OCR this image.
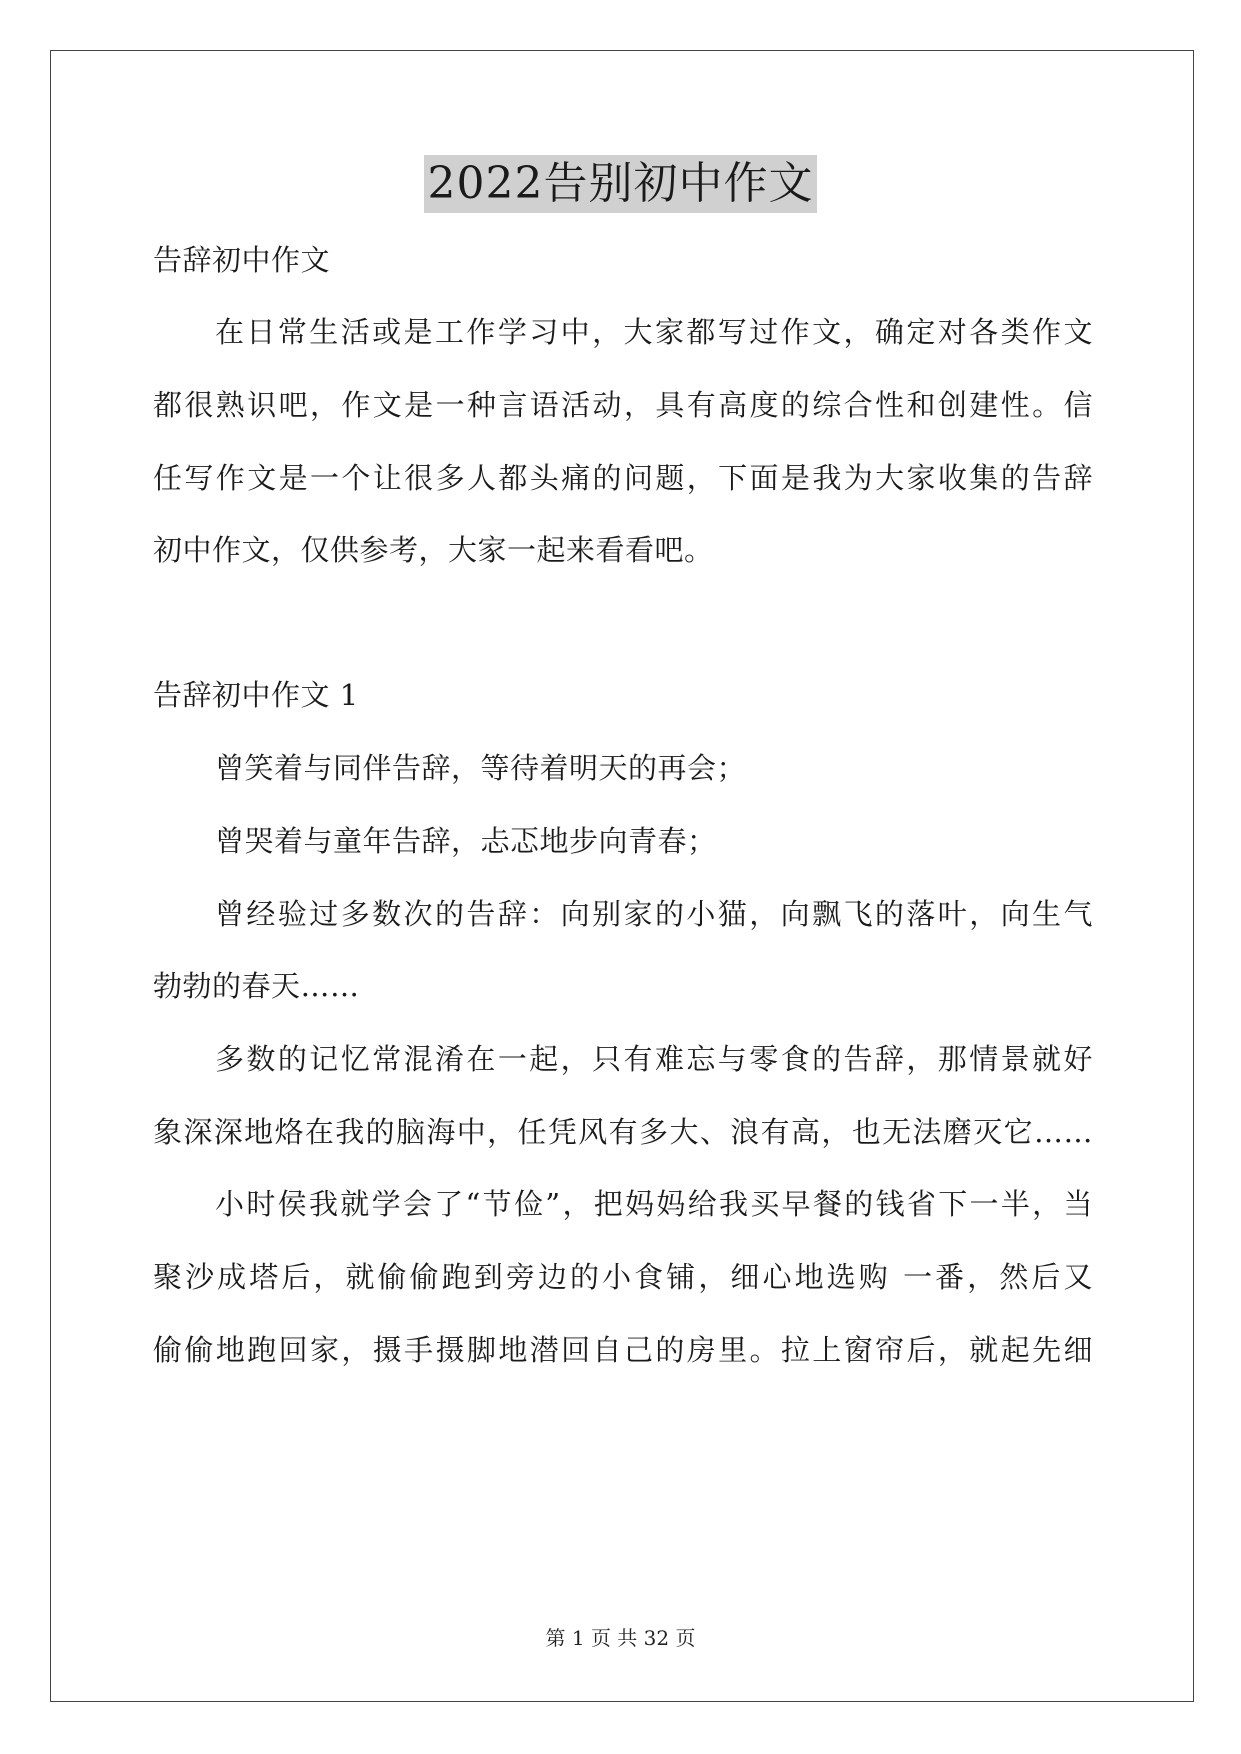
2022告别初中作文
告辞初中作文
在日常生活或是工作学习中，大家都写过作文，确定对各类作文
都很熟识吧，作文是一种言语活动，具有高度的综合性和创建性。信
任写作文是一个让很多人都头痛的问题，下面是我为大家收集的告辞
初中作文，仅供参考，大家一起来看看吧。
告辞初中作文 1
曾笑着与同伴告辞，等待着明天的再会；
曾哭着与童年告辞，忐忑地步向青春；
曾经验过多数次的告辞：向别家的小猫，向飘飞的落叶，向生气
勃勃的春天……
多数的记忆常混淆在一起，只有难忘与零食的告辞，那情景就好
象深深地烙在我的脑海中，任凭风有多大、浪有高，也无法磨灭它……
小时侯我就学会了“节俭”，把妈妈给我买早餐的钱省下一半，当
聚沙成塔后，就偷偷跑到旁边的小食铺，细心地选购 一番，然后又
偷偷地跑回家，摄手摄脚地潜回自己的房里。拉上窗帘后，就起先细
第 1 页 共 32 页
